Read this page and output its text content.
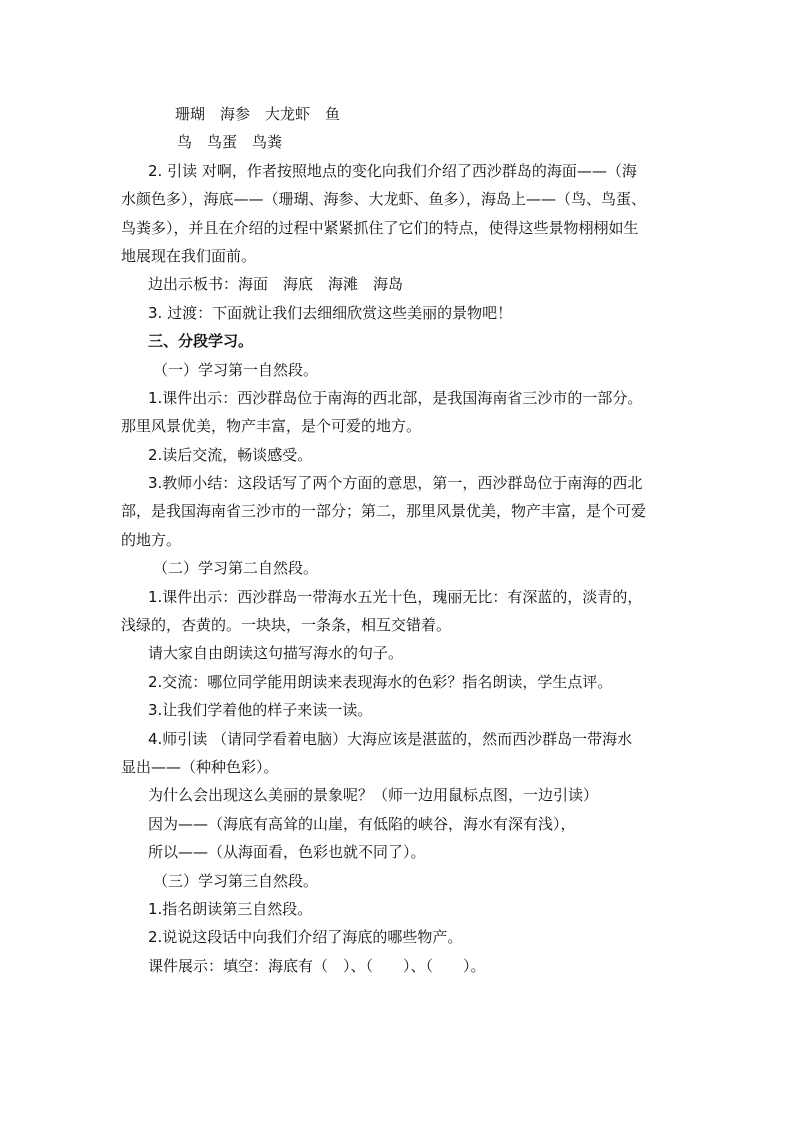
珊瑚　海参　大龙虾　鱼
鸟　鸟蛋　鸟粪
2. 引读 对啊，作者按照地点的变化向我们介绍了西沙群岛的海面——（海
水颜色多），海底——（珊瑚、海参、大龙虾、鱼多），海岛上——（鸟、鸟蛋、
鸟粪多），并且在介绍的过程中紧紧抓住了它们的特点，使得这些景物栩栩如生
地展现在我们面前。
边出示板书：海面　海底　海滩　海岛
3. 过渡：下面就让我们去细细欣赏这些美丽的景物吧！
三、分段学习。
（一）学习第一自然段。
1.课件出示：西沙群岛位于南海的西北部，是我国海南省三沙市的一部分。
那里风景优美，物产丰富，是个可爱的地方。
2.读后交流，畅谈感受。
3.教师小结：这段话写了两个方面的意思，第一，西沙群岛位于南海的西北
部，是我国海南省三沙市的一部分；第二，那里风景优美，物产丰富，是个可爱
的地方。
（二）学习第二自然段。
1.课件出示：西沙群岛一带海水五光十色，瑰丽无比：有深蓝的，淡青的，
浅绿的，杏黄的。一块块，一条条，相互交错着。
请大家自由朗读这句描写海水的句子。
2.交流：哪位同学能用朗读来表现海水的色彩？指名朗读，学生点评。
3.让我们学着他的样子来读一读。
4.师引读 （请同学看着电脑）大海应该是湛蓝的，然而西沙群岛一带海水
显出——（种种色彩）。
为什么会出现这么美丽的景象呢？（师一边用鼠标点图，一边引读）
因为——（海底有高耸的山崖，有低陷的峡谷，海水有深有浅），
所以——（从海面看，色彩也就不同了）。
（三）学习第三自然段。
1.指名朗读第三自然段。
2.说说这段话中向我们介绍了海底的哪些物产。
课件展示：填空：海底有（　）、（　　）、（　　）。
